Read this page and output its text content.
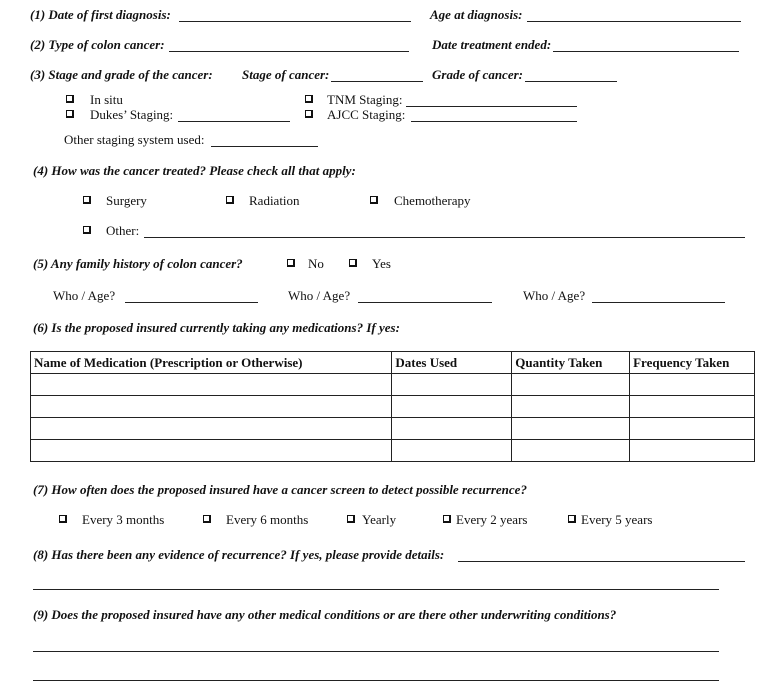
(1) Date of first diagnosis:	Age at diagnosis:
(2) Type of colon cancer:	Date treatment ended:
(3) Stage and grade of the cancer: Stage of cancer:	Grade of cancer:
In situ
Dukes’ Staging:
TNM Staging:
AJCC Staging:
Other staging system used:
(4) How was the cancer treated? Please check all that apply:
Surgery	Radiation	Chemotherapy
Other:
(5) Any family history of colon cancer?	No	Yes
Who / Age?	Who / Age?	Who / Age?
(6) Is the proposed insured currently taking any medications? If yes:
Name of Medication (Prescription or Otherwise)	Dates Used	Quantity Taken	Frequency Taken

(7) How often does the proposed insured have a cancer screen to detect possible recurrence?
Every 3 months	Every 6 months	Yearly	Every 2 years	Every 5 years
(8) Has there been any evidence of recurrence? If yes, please provide details:
(9) Does the proposed insured have any other medical conditions or are there other underwriting conditions?
